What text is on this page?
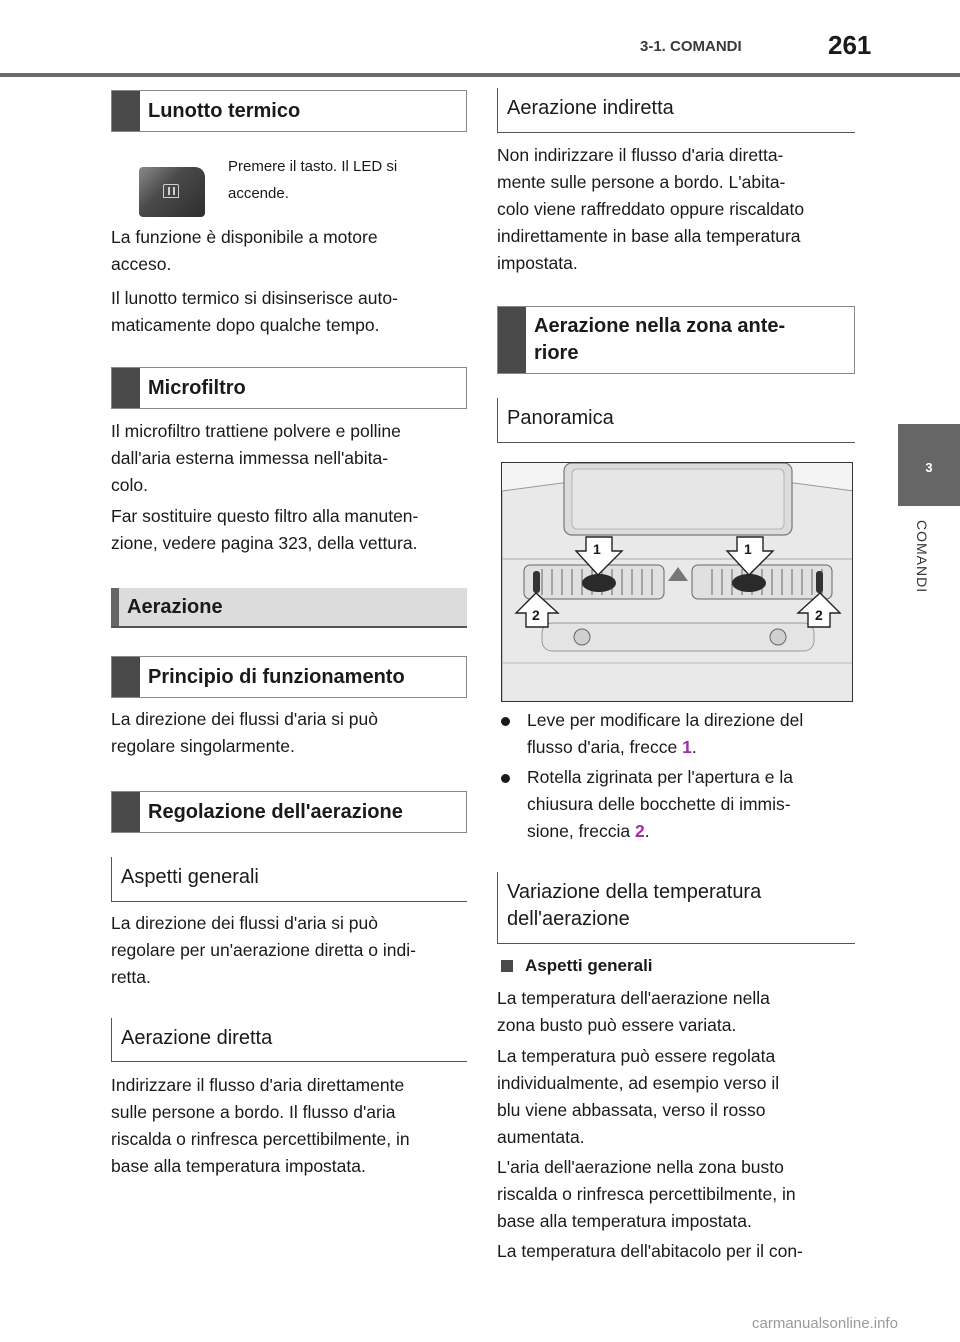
3-1. COMANDI	261
3
COMANDI
Lunotto termico
Premere il tasto. Il LED si
accende.
La funzione è disponibile a motore
acceso.
Il lunotto termico si disinserisce auto-
maticamente dopo qualche tempo.
Microfiltro
Il microfiltro trattiene polvere e polline
dall'aria esterna immessa nell'abita-
colo.
Far sostituire questo filtro alla manuten-
zione, vedere pagina 323, della vettura.
Aerazione
Principio di funzionamento
La direzione dei flussi d'aria si può
regolare singolarmente.
Regolazione dell'aerazione
Aspetti generali
La direzione dei flussi d'aria si può
regolare per un'aerazione diretta o indi-
retta.
Aerazione diretta
Indirizzare il flusso d'aria direttamente
sulle persone a bordo. Il flusso d'aria
riscalda o rinfresca percettibilmente, in
base alla temperatura impostata.
Aerazione indiretta
Non indirizzare il flusso d'aria diretta-
mente sulle persone a bordo. L'abita-
colo viene raffreddato oppure riscaldato
indirettamente in base alla temperatura
impostata.
Aerazione nella zona ante-
riore
Panoramica
1	1
2	2
Leve per modificare la direzione del
flusso d'aria, frecce 1.
Rotella zigrinata per l'apertura e la
chiusura delle bocchette di immis-
sione, freccia 2.
Variazione della temperatura
dell'aerazione
Aspetti generali
La temperatura dell'aerazione nella
zona busto può essere variata.
La temperatura può essere regolata
individualmente, ad esempio verso il
blu viene abbassata, verso il rosso
aumentata.
L'aria dell'aerazione nella zona busto
riscalda o rinfresca percettibilmente, in
base alla temperatura impostata.
La temperatura dell'abitacolo per il con-
carmanualsonline.info
